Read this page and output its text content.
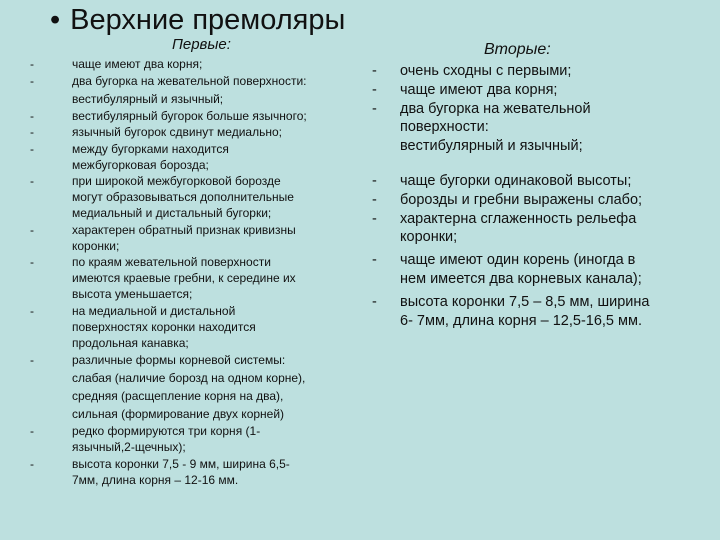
• Верхние премоляры
Первые:	Вторые:
-	чаще имеют два корня;
-	два бугорка на жевательной поверхности:
вестибулярный и язычный;
-	вестибулярный бугорок больше язычного;
-	язычный бугорок сдвинут медиально;
-	между бугорками находится
межбугорковая борозда;
-	при широкой межбугорковой борозде
могут образовываться дополнительные
медиальный и дистальный бугорки;
-	характерен обратный признак кривизны
коронки;
-	по краям жевательной поверхности
имеются краевые гребни, к середине их
высота уменьшается;
-	на медиальной и дистальной
поверхностях коронки находится
продольная канавка;
-	различные формы корневой системы:
слабая (наличие борозд на одном корне),
средняя (расщепление корня на два),
сильная (формирование двух корней)
-	редко формируются три корня (1-
язычный,2-щечных);
-	высота коронки 7,5 - 9 мм, ширина 6,5-
7мм, длина корня – 12-16 мм.
- очень сходны с первыми;
- чаще имеют два корня;
- два бугорка на жевательной
поверхности:
вестибулярный и язычный;
- чаще бугорки одинаковой высоты;
- борозды и гребни выражены слабо;
- характерна сглаженность рельефа
коронки;
- чаще имеют один корень (иногда в
нем имеется два корневых канала);
- высота коронки 7,5 – 8,5 мм, ширина
6- 7мм, длина корня – 12,5-16,5 мм.
